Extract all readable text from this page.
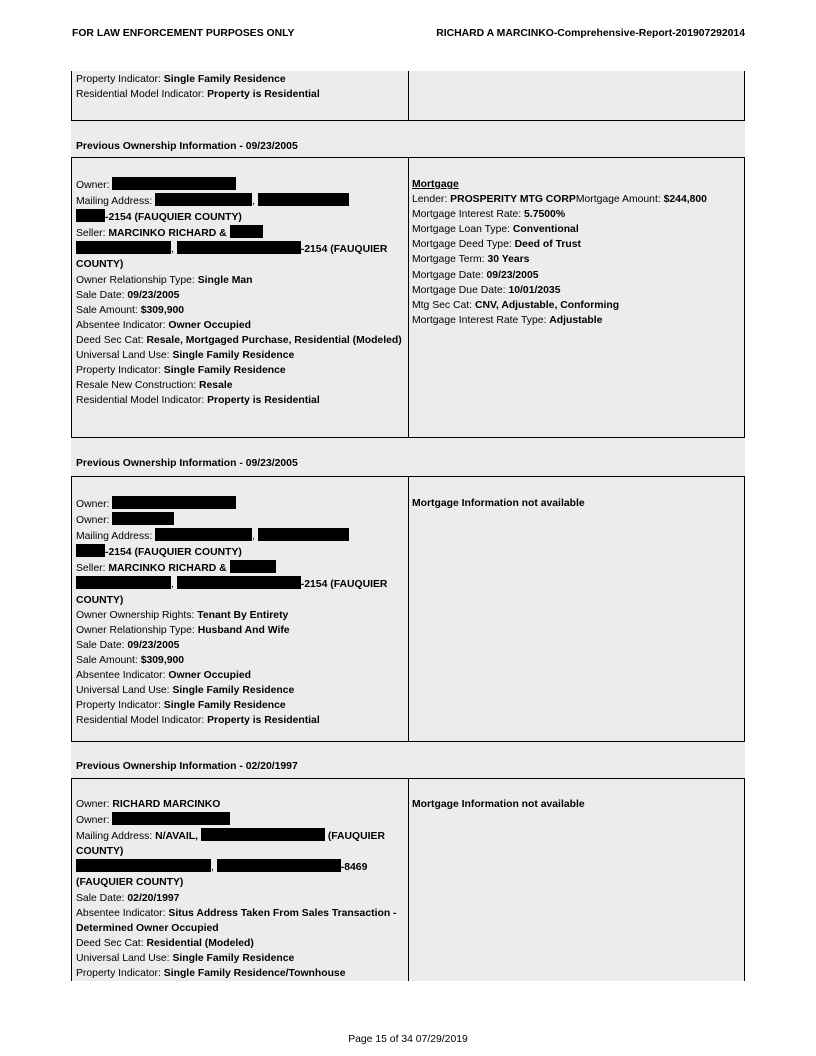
FOR LAW ENFORCEMENT PURPOSES ONLY	RICHARD A MARCINKO-Comprehensive-Report-201907292014
Property Indicator: Single Family Residence
Residential Model Indicator: Property is Residential
Previous Ownership Information - 09/23/2005
Owner:
Mailing Address:	,
-2154 (FAUQUIER COUNTY)
Seller: MARCINKO RICHARD &
,	-2154 (FAUQUIER
COUNTY)
Owner Relationship Type: Single Man
Sale Date: 09/23/2005
Sale Amount: $309,900
Absentee Indicator: Owner Occupied
Deed Sec Cat: Resale, Mortgaged Purchase, Residential (Modeled)
Universal Land Use: Single Family Residence
Property Indicator: Single Family Residence
Resale New Construction: Resale
Residential Model Indicator: Property is Residential
Mortgage
Lender: PROSPERITY MTG CORPMortgage Amount: $244,800
Mortgage Interest Rate: 5.7500%
Mortgage Loan Type: Conventional
Mortgage Deed Type: Deed of Trust
Mortgage Term: 30 Years
Mortgage Date: 09/23/2005
Mortgage Due Date: 10/01/2035
Mtg Sec Cat: CNV, Adjustable, Conforming
Mortgage Interest Rate Type: Adjustable
Previous Ownership Information - 09/23/2005
Owner:
Owner:
Mailing Address:	,
-2154 (FAUQUIER COUNTY)
Seller: MARCINKO RICHARD &
,	-2154 (FAUQUIER
COUNTY)
Owner Ownership Rights: Tenant By Entirety
Owner Relationship Type: Husband And Wife
Sale Date: 09/23/2005
Sale Amount: $309,900
Absentee Indicator: Owner Occupied
Universal Land Use: Single Family Residence
Property Indicator: Single Family Residence
Residential Model Indicator: Property is Residential
Mortgage Information not available
Previous Ownership Information - 02/20/1997
Owner: RICHARD MARCINKO
Owner:
Mailing Address: N/AVAIL,	(FAUQUIER
COUNTY)
,	-8469
(FAUQUIER COUNTY)
Sale Date: 02/20/1997
Absentee Indicator: Situs Address Taken From Sales Transaction - Determined Owner Occupied
Deed Sec Cat: Residential (Modeled)
Universal Land Use: Single Family Residence
Property Indicator: Single Family Residence/Townhouse
Mortgage Information not available
Page 15 of 34 07/29/2019
